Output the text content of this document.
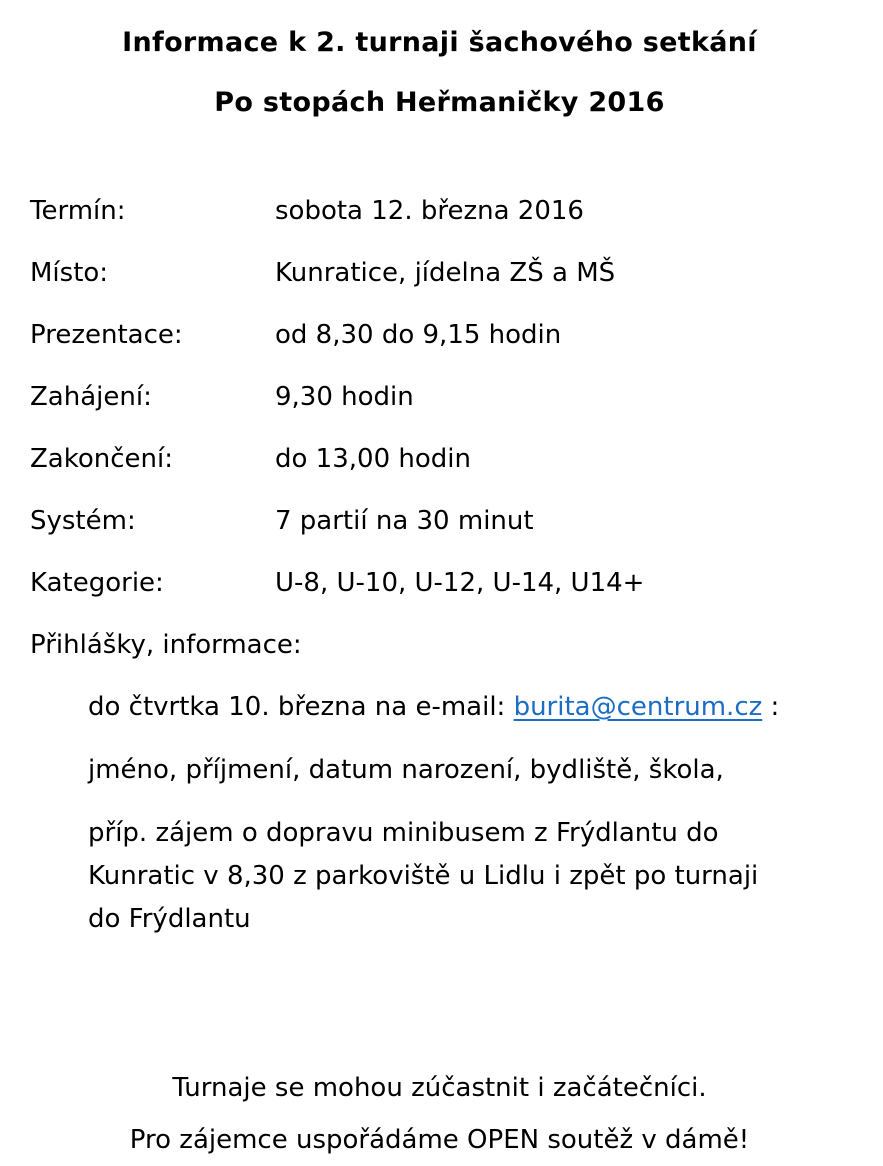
Informace k 2. turnaji šachového setkání
Po stopách Heřmaničky 2016
Termín:	sobota 12. března 2016
Místo:	Kunratice, jídelna ZŠ a MŠ
Prezentace:	od 8,30 do 9,15 hodin
Zahájení:	9,30 hodin
Zakončení:	do 13,00 hodin
Systém:	7 partií na 30 minut
Kategorie:	U-8, U-10, U-12, U-14, U14+
Přihlášky, informace:
do čtvrtka 10. března na e-mail: burita@centrum.cz :
jméno, příjmení, datum narození, bydliště, škola,
příp. zájem o dopravu minibusem z Frýdlantu do
Kunratic v 8,30 z parkoviště u Lidlu i zpět po turnaji
do Frýdlantu
Turnaje se mohou zúčastnit i začátečníci.
Pro zájemce uspořádáme OPEN soutěž v dámě!
